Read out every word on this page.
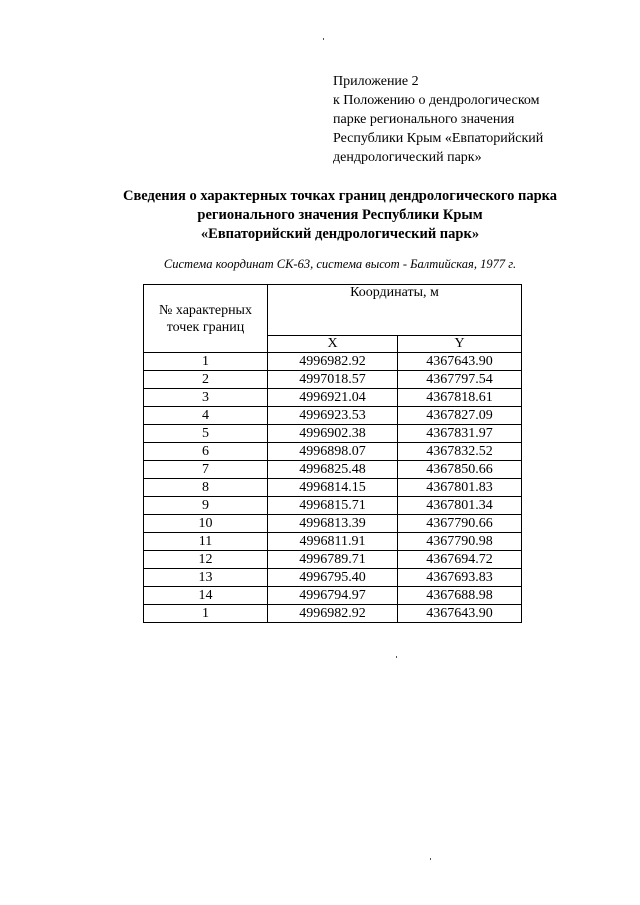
Приложение 2
к Положению о дендрологическом
парке регионального значения
Республики Крым «Евпаторийский
дендрологический парк»
Сведения о характерных точках границ дендрологического парка
регионального значения Республики Крым
«Евпаторийский дендрологический парк»
Система координат СК-63, система высот - Балтийская, 1977 г.
№ характерных
точек границ	Координаты, м	
	X	Y
1	4996982.92	4367643.90
2	4997018.57	4367797.54
3	4996921.04	4367818.61
4	4996923.53	4367827.09
5	4996902.38	4367831.97
6	4996898.07	4367832.52
7	4996825.48	4367850.66
8	4996814.15	4367801.83
9	4996815.71	4367801.34
10	4996813.39	4367790.66
11	4996811.91	4367790.98
12	4996789.71	4367694.72
13	4996795.40	4367693.83
14	4996794.97	4367688.98
1	4996982.92	4367643.90
